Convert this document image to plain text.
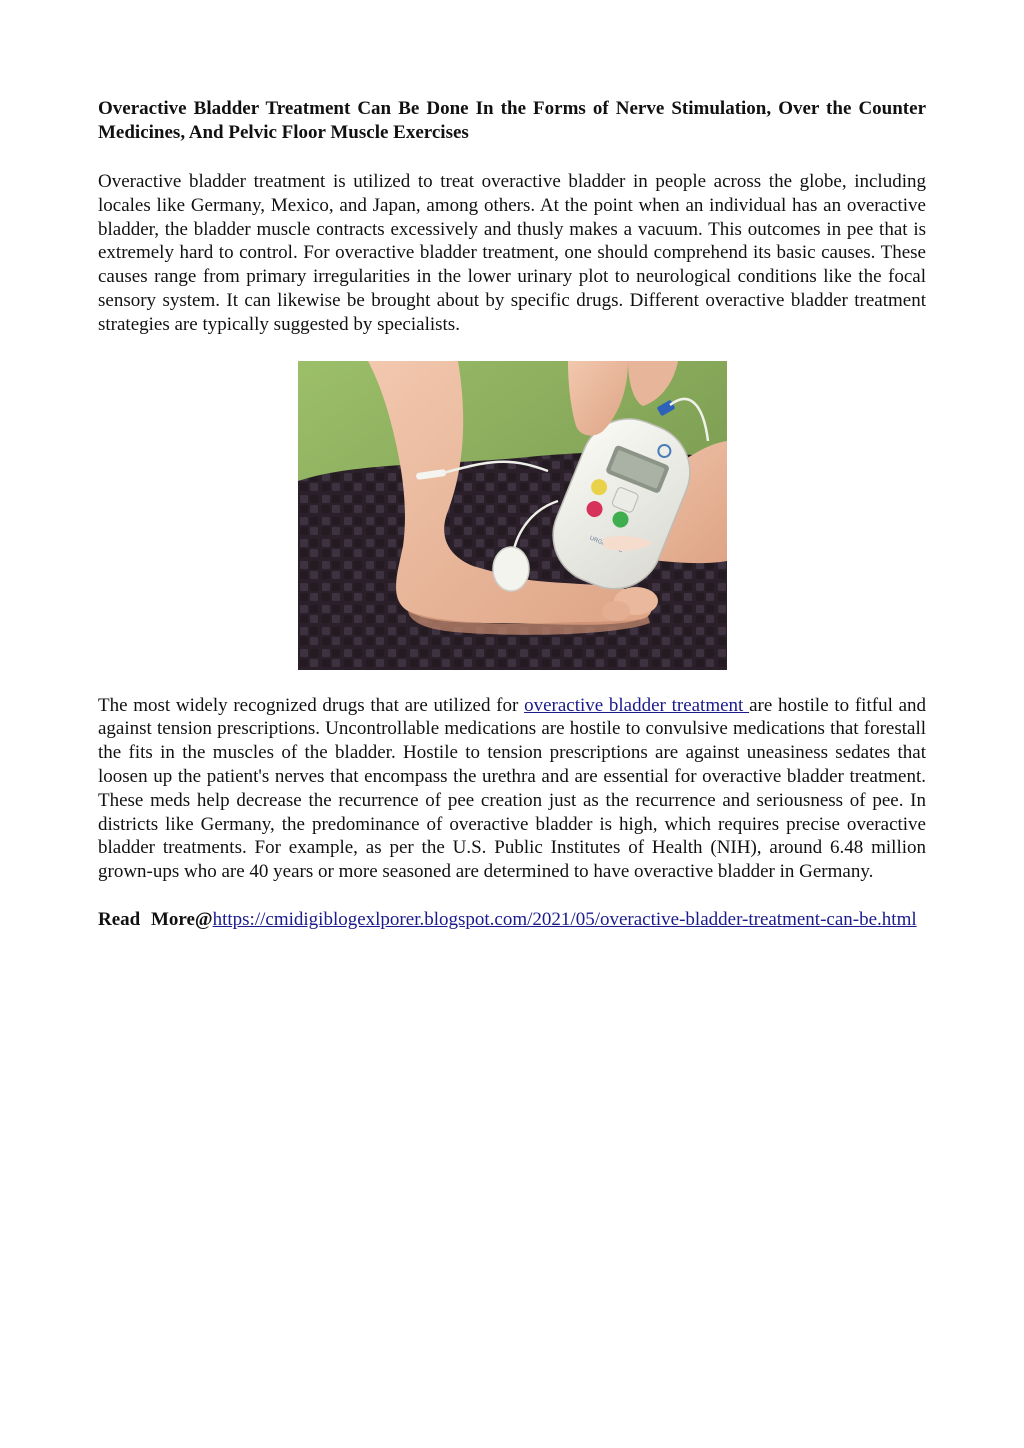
Overactive Bladder Treatment Can Be Done In the Forms of Nerve Stimulation, Over the Counter Medicines, And Pelvic Floor Muscle Exercises

Overactive bladder treatment is utilized to treat overactive bladder in people across the globe, including locales like Germany, Mexico, and Japan, among others. At the point when an individual has an overactive bladder, the bladder muscle contracts excessively and thusly makes a vacuum. This outcomes in pee that is extremely hard to control. For overactive bladder treatment, one should comprehend its basic causes. These causes range from primary irregularities in the lower urinary plot to neurological conditions like the focal sensory system. It can likewise be brought about by specific drugs. Different overactive bladder treatment strategies are typically suggested by specialists.

URGENT

The most widely recognized drugs that are utilized for overactive bladder treatment are hostile to fitful and against tension prescriptions. Uncontrollable medications are hostile to convulsive medications that forestall the fits in the muscles of the bladder. Hostile to tension prescriptions are against uneasiness sedates that loosen up the patient's nerves that encompass the urethra and are essential for overactive bladder treatment. These meds help decrease the recurrence of pee creation just as the recurrence and seriousness of pee. In districts like Germany, the predominance of overactive bladder is high, which requires precise overactive bladder treatments. For example, as per the U.S. Public Institutes of Health (NIH), around 6.48 million grown-ups who are 40 years or more seasoned are determined to have overactive bladder in Germany.

Read More@https://cmidigiblogexlporer.blogspot.com/2021/05/overactive-bladder-treatment-can-be.html
